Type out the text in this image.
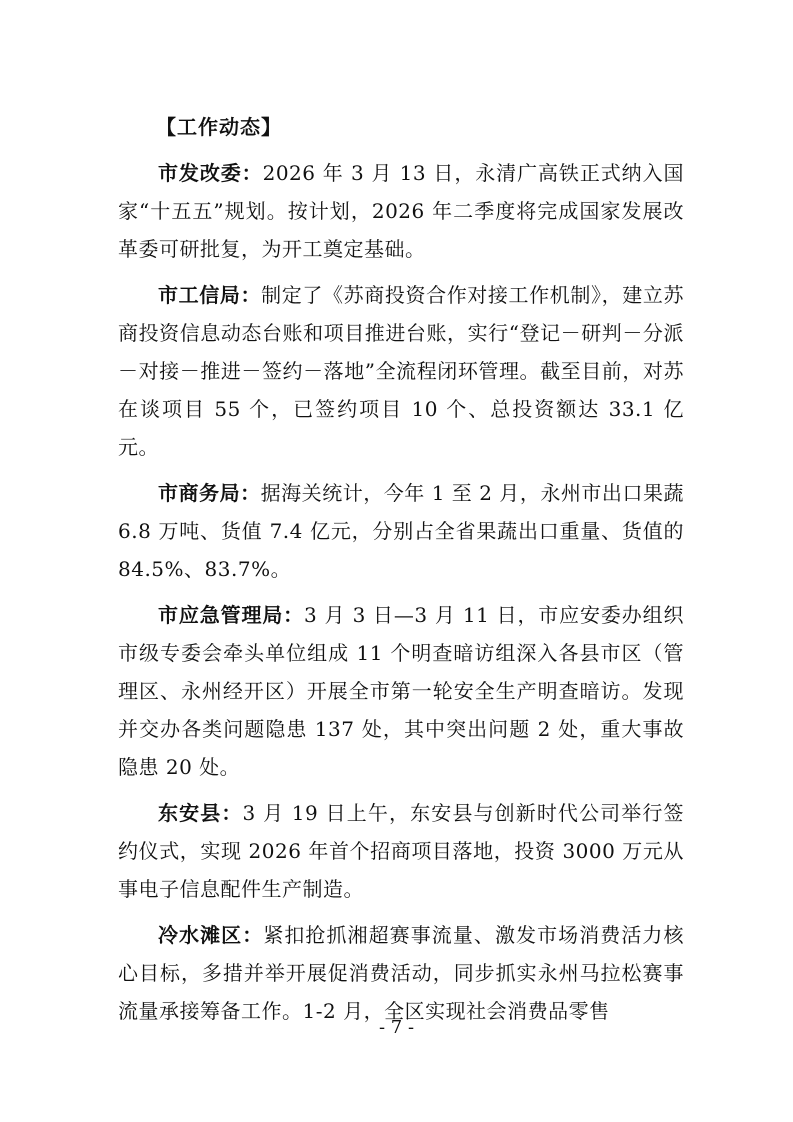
【工作动态】

市发改委：2026 年 3 月 13 日，永清广高铁正式纳入国家“十五五”规划。按计划，2026 年二季度将完成国家发展改革委可研批复，为开工奠定基础。

市工信局：制定了《苏商投资合作对接工作机制》，建立苏商投资信息动态台账和项目推进台账，实行“登记－研判－分派－对接－推进－签约－落地”全流程闭环管理。截至目前，对苏在谈项目 55 个，已签约项目 10 个、总投资额达 33.1 亿元。

市商务局：据海关统计，今年 1 至 2 月，永州市出口果蔬 6.8 万吨、货值 7.4 亿元，分别占全省果蔬出口重量、货值的 84.5%、83.7%。

市应急管理局：3 月 3 日—3 月 11 日，市应安委办组织市级专委会牵头单位组成 11 个明查暗访组深入各县市区（管理区、永州经开区）开展全市第一轮安全生产明查暗访。发现并交办各类问题隐患 137 处，其中突出问题 2 处，重大事故隐患 20 处。

东安县：3 月 19 日上午，东安县与创新时代公司举行签约仪式，实现 2026 年首个招商项目落地，投资 3000 万元从事电子信息配件生产制造。

冷水滩区：紧扣抢抓湘超赛事流量、激发市场消费活力核心目标，多措并举开展促消费活动，同步抓实永州马拉松赛事流量承接筹备工作。1-2 月，全区实现社会消费品零售

- 7 -
